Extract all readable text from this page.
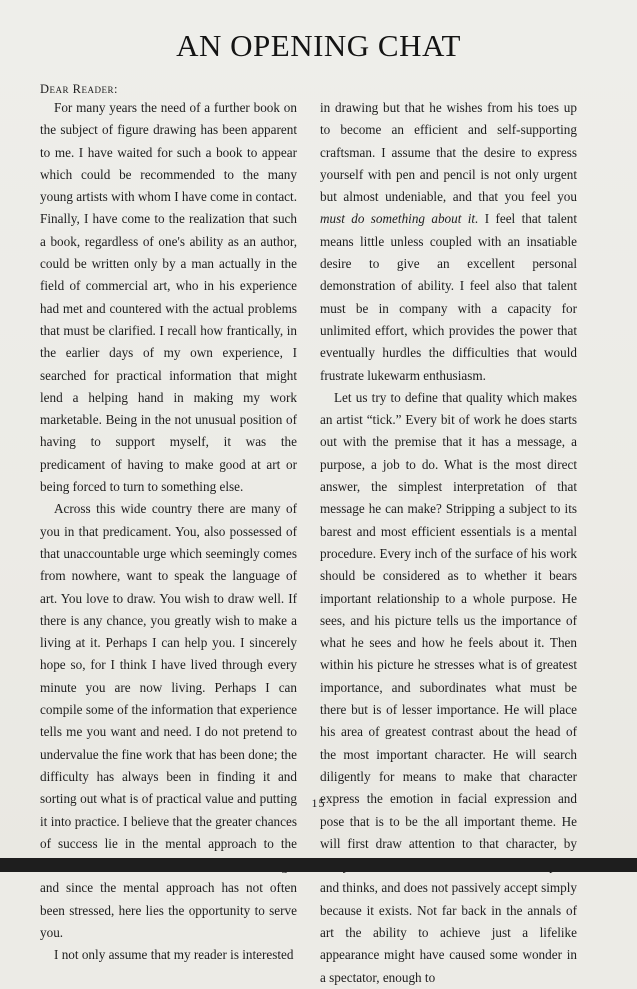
AN OPENING CHAT
Dear Reader:

For many years the need of a further book on the subject of figure drawing has been apparent to me. I have waited for such a book to appear which could be recommended to the many young artists with whom I have come in contact. Finally, I have come to the realization that such a book, regardless of one's ability as an author, could be written only by a man actually in the field of commercial art, who in his experience had met and countered with the actual problems that must be clarified. I recall how frantically, in the earlier days of my own experience, I searched for practical information that might lend a helping hand in making my work marketable. Being in the not unusual position of having to support myself, it was the predicament of having to make good at art or being forced to turn to something else.

Across this wide country there are many of you in that predicament. You, also possessed of that unaccountable urge which seemingly comes from nowhere, want to speak the language of art. You love to draw. You wish to draw well. If there is any chance, you greatly wish to make a living at it. Perhaps I can help you. I sincerely hope so, for I think I have lived through every minute you are now living. Perhaps I can compile some of the information that experience tells me you want and need. I do not pretend to undervalue the fine work that has been done; the difficulty has always been in finding it and sorting out what is of practical value and putting it into practice. I believe that the greater chances of success lie in the mental approach to the and since the mental approach has not often been stressed, here lies the opportunity to serve you.

I not only assume that my reader is interested

in drawing but that he wishes from his toes up to become an efficient and self-supporting craftsman. I assume that the desire to express yourself with pen and pencil is not only urgent but almost undeniable, and that you feel you must do something about it. I feel that talent means little unless coupled with an insatiable desire to give an excellent personal demonstration of ability. I feel also that talent must be in company with a capacity for unlimited effort, which provides the power that eventually hurdles the difficulties that would frustrate lukewarm enthusiasm.

Let us try to define that quality which makes an artist “tick.” Every bit of work he does starts out with the premise that it has a message, a purpose, a job to do. What is the most direct answer, the simplest interpretation of that message he can make? Stripping a subject to its barest and most efficient essentials is a mental procedure. Every inch of the surface of his work should be considered as to whether it bears important relationship to a whole purpose. He sees, and his picture tells us the importance of what he sees and how he feels about it. Then within his picture he stresses what is of greatest importance, and subordinates what must be there but is of lesser importance. He will place his area of greatest contrast about the head of the most important character. He will search diligently for means to make that character express the emotion in facial expression and pose that is to be the all important theme. He will first draw attention to that character, by and thinks, and does not passively accept simply because it exists. Not far back in the annals of art the ability to achieve just a lifelike appearance might have caused some wonder in a spectator, enough to

15
